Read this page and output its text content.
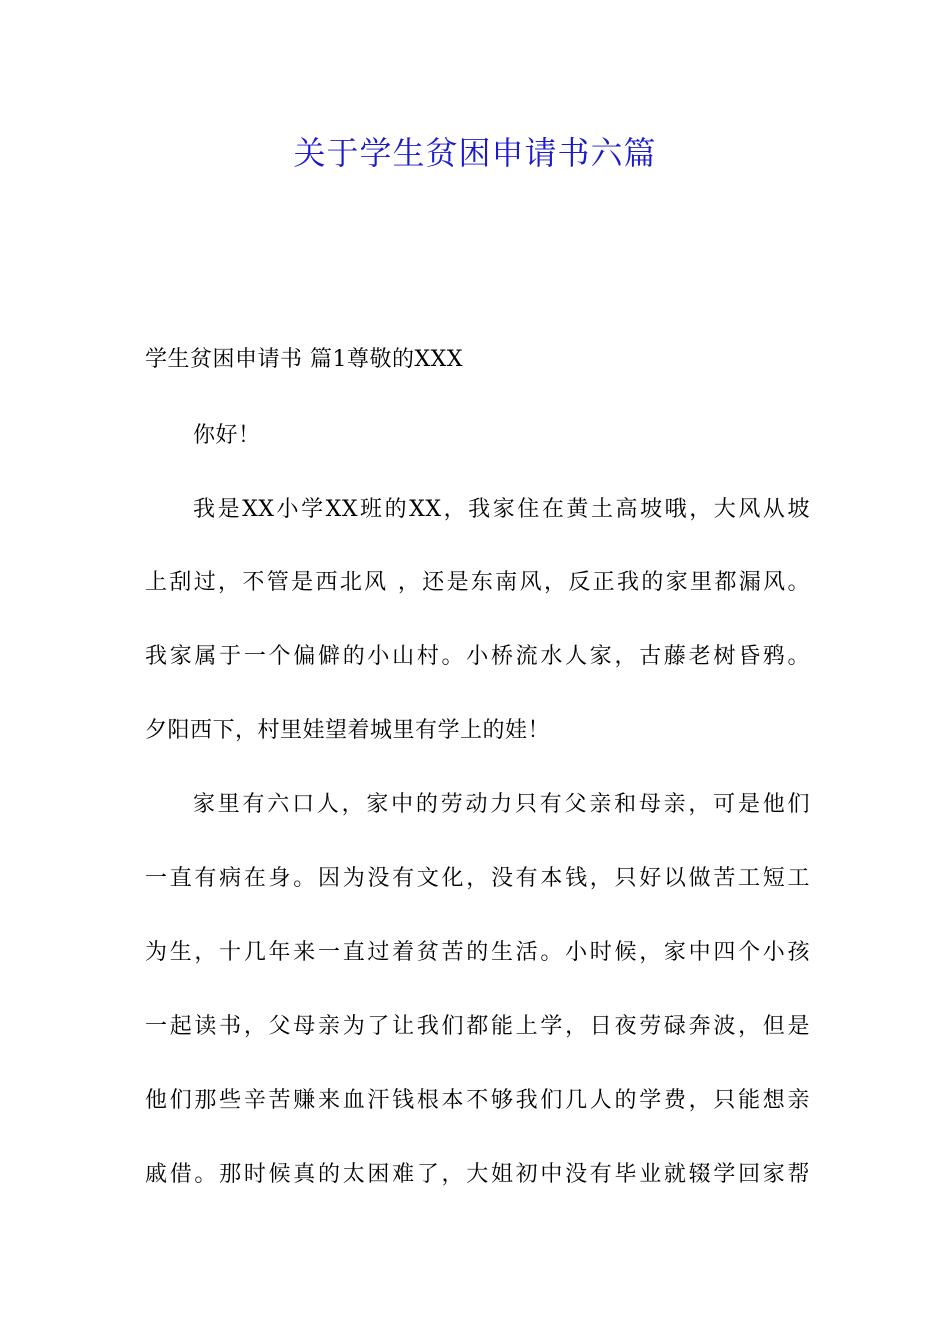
关于学生贫困申请书六篇
学生贫困申请书 篇1尊敬的XXX
你好！
我是XX小学XX班的XX，我家住在黄土高坡哦，大风从坡
上刮过，不管是西北风 ，还是东南风，反正我的家里都漏风。
我家属于一个偏僻的小山村。小桥流水人家，古藤老树昏鸦。
夕阳西下，村里娃望着城里有学上的娃！
家里有六口人，家中的劳动力只有父亲和母亲，可是他们
一直有病在身。因为没有文化，没有本钱，只好以做苦工短工
为生，十几年来一直过着贫苦的生活。小时候，家中四个小孩
一起读书，父母亲为了让我们都能上学，日夜劳碌奔波，但是
他们那些辛苦赚来血汗钱根本不够我们几人的学费，只能想亲
戚借。那时候真的太困难了，大姐初中没有毕业就辍学回家帮
